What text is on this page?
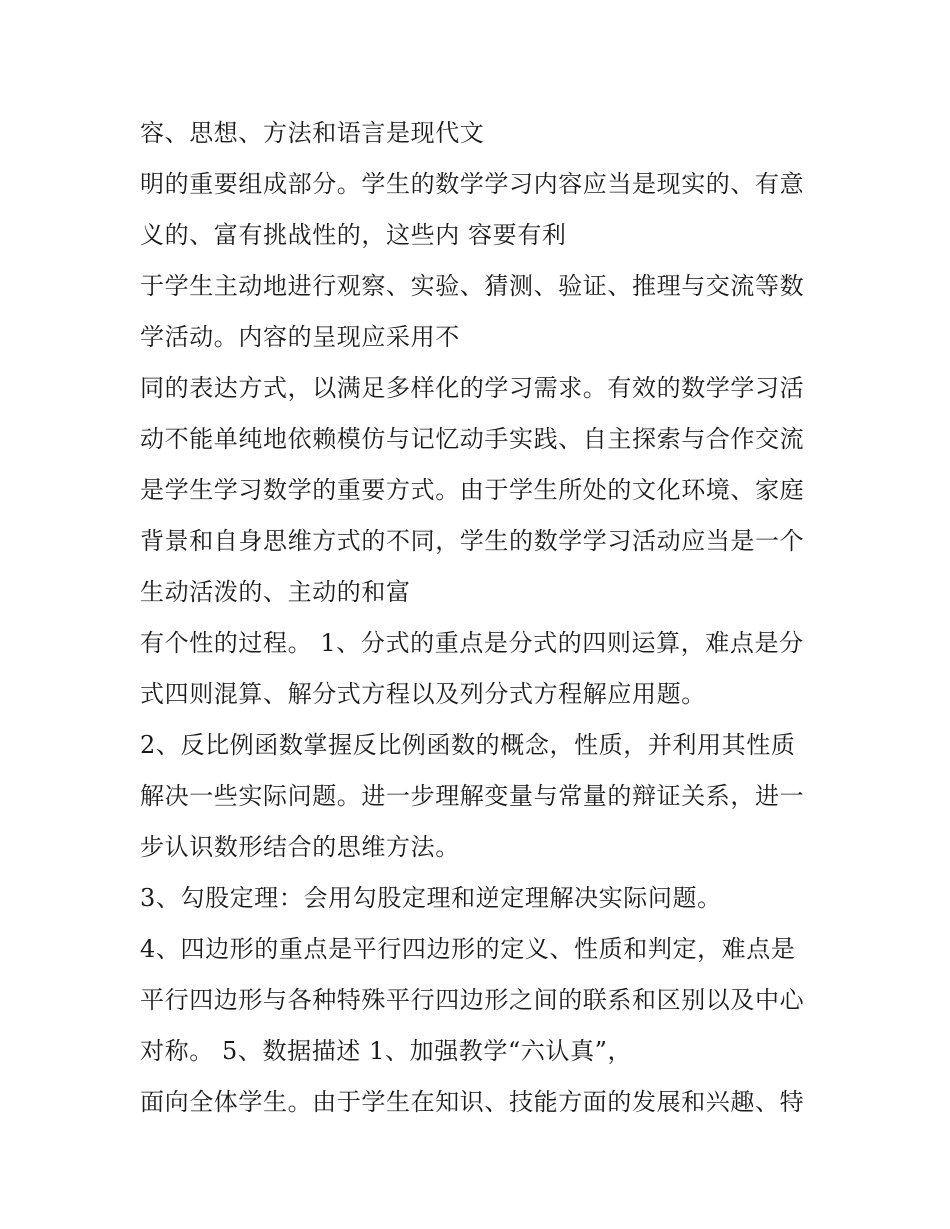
容、思想、方法和语言是现代文
明的重要组成部分。学生的数学学习内容应当是现实的、有意
义的、富有挑战性的，这些内 容要有利
于学生主动地进行观察、实验、猜测、验证、推理与交流等数
学活动。内容的呈现应采用不
同的表达方式，以满足多样化的学习需求。有效的数学学习活
动不能单纯地依赖模仿与记忆动手实践、自主探索与合作交流
是学生学习数学的重要方式。由于学生所处的文化环境、家庭
背景和自身思维方式的不同，学生的数学学习活动应当是一个
生动活泼的、主动的和富
有个性的过程。 1、分式的重点是分式的四则运算，难点是分
式四则混算、解分式方程以及列分式方程解应用题。
2、反比例函数掌握反比例函数的概念，性质，并利用其性质
解决一些实际问题。进一步理解变量与常量的辩证关系，进一
步认识数形结合的思维方法。
3、勾股定理：会用勾股定理和逆定理解决实际问题。
4、四边形的重点是平行四边形的定义、性质和判定，难点是
平行四边形与各种特殊平行四边形之间的联系和区别以及中心
对称。 5、数据描述 1、加强教学“六认真”，
面向全体学生。由于学生在知识、技能方面的发展和兴趣、特
